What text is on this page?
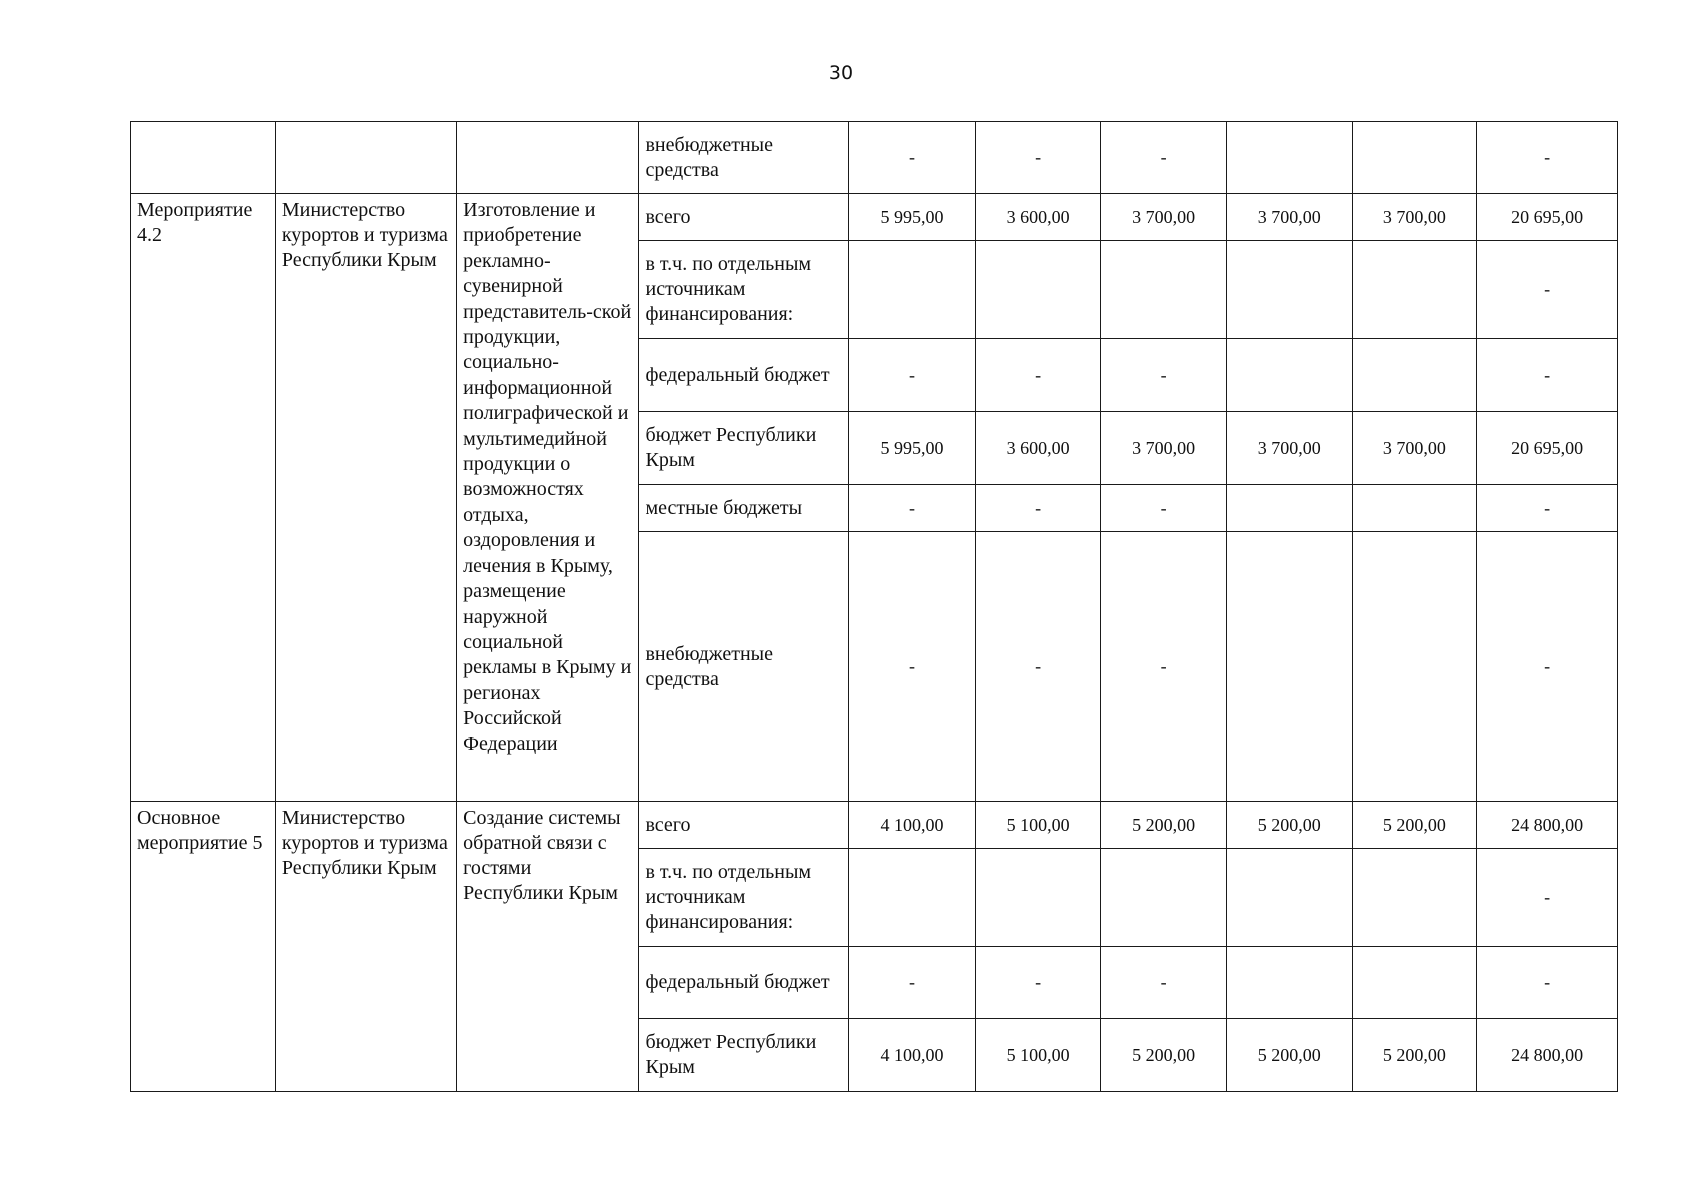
30
			внебюджетные средства	-	-	-			-
Мероприятие 4.2	Министерство курортов и туризма Республики Крым	Изготовление и приобретение рекламно-сувенирной представитель-ской продукции, социально-информационной полиграфической и мультимедийной продукции о возможностях отдыха, оздоровления и лечения в Крыму, размещение наружной социальной рекламы в Крыму и регионах Российской Федерации	всего	5 995,00	3 600,00	3 700,00	3 700,00	3 700,00	20 695,00
			в т.ч. по отдельным источникам финансирования:						-
			федеральный бюджет	-	-	-			-
			бюджет Республики Крым	5 995,00	3 600,00	3 700,00	3 700,00	3 700,00	20 695,00
			местные бюджеты	-	-	-			-
			внебюджетные средства	-	-	-			-
Основное мероприятие 5	Министерство курортов и туризма Республики Крым	Создание системы обратной связи с гостями Республики Крым	всего	4 100,00	5 100,00	5 200,00	5 200,00	5 200,00	24 800,00
			в т.ч. по отдельным источникам финансирования:						-
			федеральный бюджет	-	-	-			-
			бюджет Республики Крым	4 100,00	5 100,00	5 200,00	5 200,00	5 200,00	24 800,00
